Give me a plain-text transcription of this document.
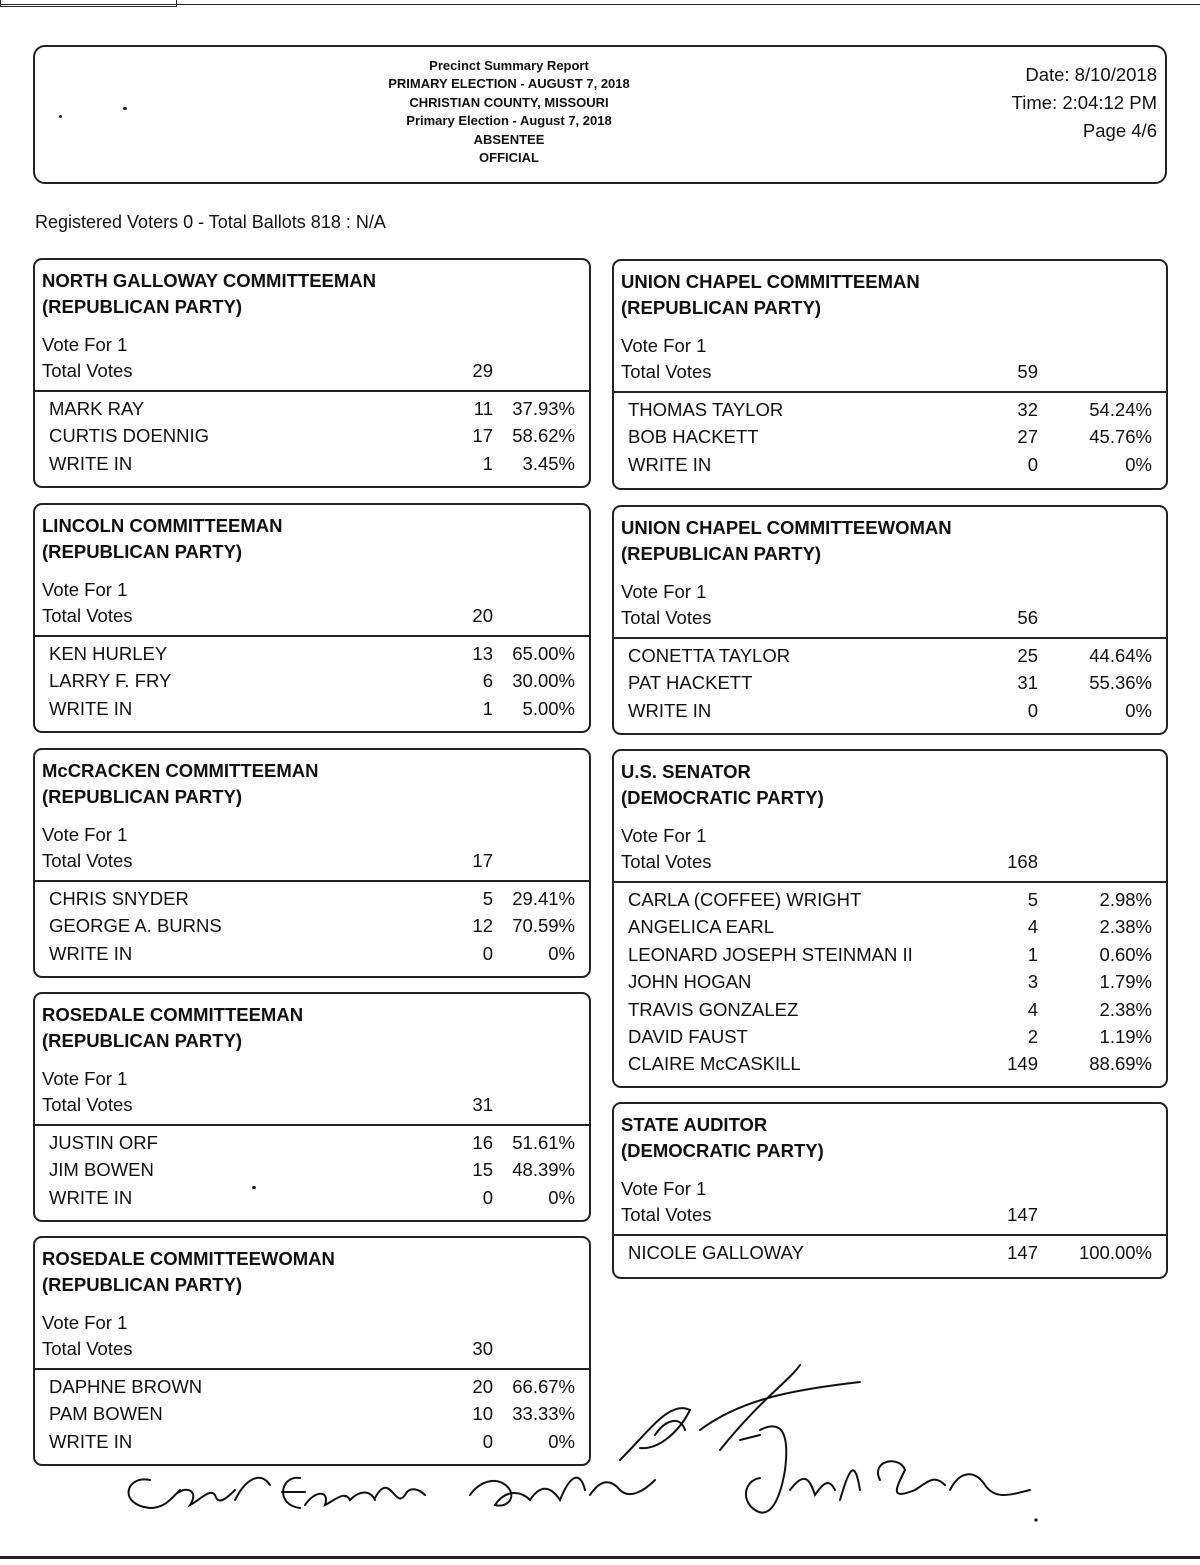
Precinct Summary Report
PRIMARY ELECTION - AUGUST 7, 2018
CHRISTIAN COUNTY, MISSOURI
Primary Election - August 7, 2018
ABSENTEE
OFFICIAL
Date: 8/10/2018
Time: 2:04:12 PM
Page 4/6
Registered Voters 0 - Total Ballots 818 : N/A
NORTH GALLOWAY COMMITTEEMAN
(REPUBLICAN PARTY)
Vote For 1
Total Votes	29
MARK RAY	11 37.93%
CURTIS DOENNIG	17 58.62%
WRITE IN	1 3.45%
LINCOLN COMMITTEEMAN
(REPUBLICAN PARTY)
Vote For 1
Total Votes	20
KEN HURLEY	13 65.00%
LARRY F. FRY	6 30.00%
WRITE IN	1 5.00%
McCRACKEN COMMITTEEMAN
(REPUBLICAN PARTY)
Vote For 1
Total Votes	17
CHRIS SNYDER	5 29.41%
GEORGE A. BURNS	12 70.59%
WRITE IN	0	0%
ROSEDALE COMMITTEEMAN
(REPUBLICAN PARTY)
Vote For 1
Total Votes	31
JUSTIN ORF	16 51.61%
JIM BOWEN	15 48.39%
WRITE IN	0	0%
ROSEDALE COMMITTEEWOMAN
(REPUBLICAN PARTY)
Vote For 1
Total Votes	30
DAPHNE BROWN	20 66.67%
PAM BOWEN	10 33.33%
WRITE IN	0	0%
UNION CHAPEL COMMITTEEMAN
(REPUBLICAN PARTY)
Vote For 1
Total Votes	59
THOMAS TAYLOR	32	54.24%
BOB HACKETT	27	45.76%
WRITE IN	0	0%
UNION CHAPEL COMMITTEEWOMAN
(REPUBLICAN PARTY)
Vote For 1
Total Votes	56
CONETTA TAYLOR	25	44.64%
PAT HACKETT	31	55.36%
WRITE IN	0	0%
U.S. SENATOR
(DEMOCRATIC PARTY)
Vote For 1
Total Votes	168
CARLA (COFFEE) WRIGHT	5	2.98%
ANGELICA EARL	4	2.38%
LEONARD JOSEPH STEINMAN II	1	0.60%
JOHN HOGAN	3	1.79%
TRAVIS GONZALEZ	4	2.38%
DAVID FAUST	2	1.19%
CLAIRE McCASKILL	149	88.69%
STATE AUDITOR
(DEMOCRATIC PARTY)
Vote For 1
Total Votes	147
NICOLE GALLOWAY	147 100.00%
